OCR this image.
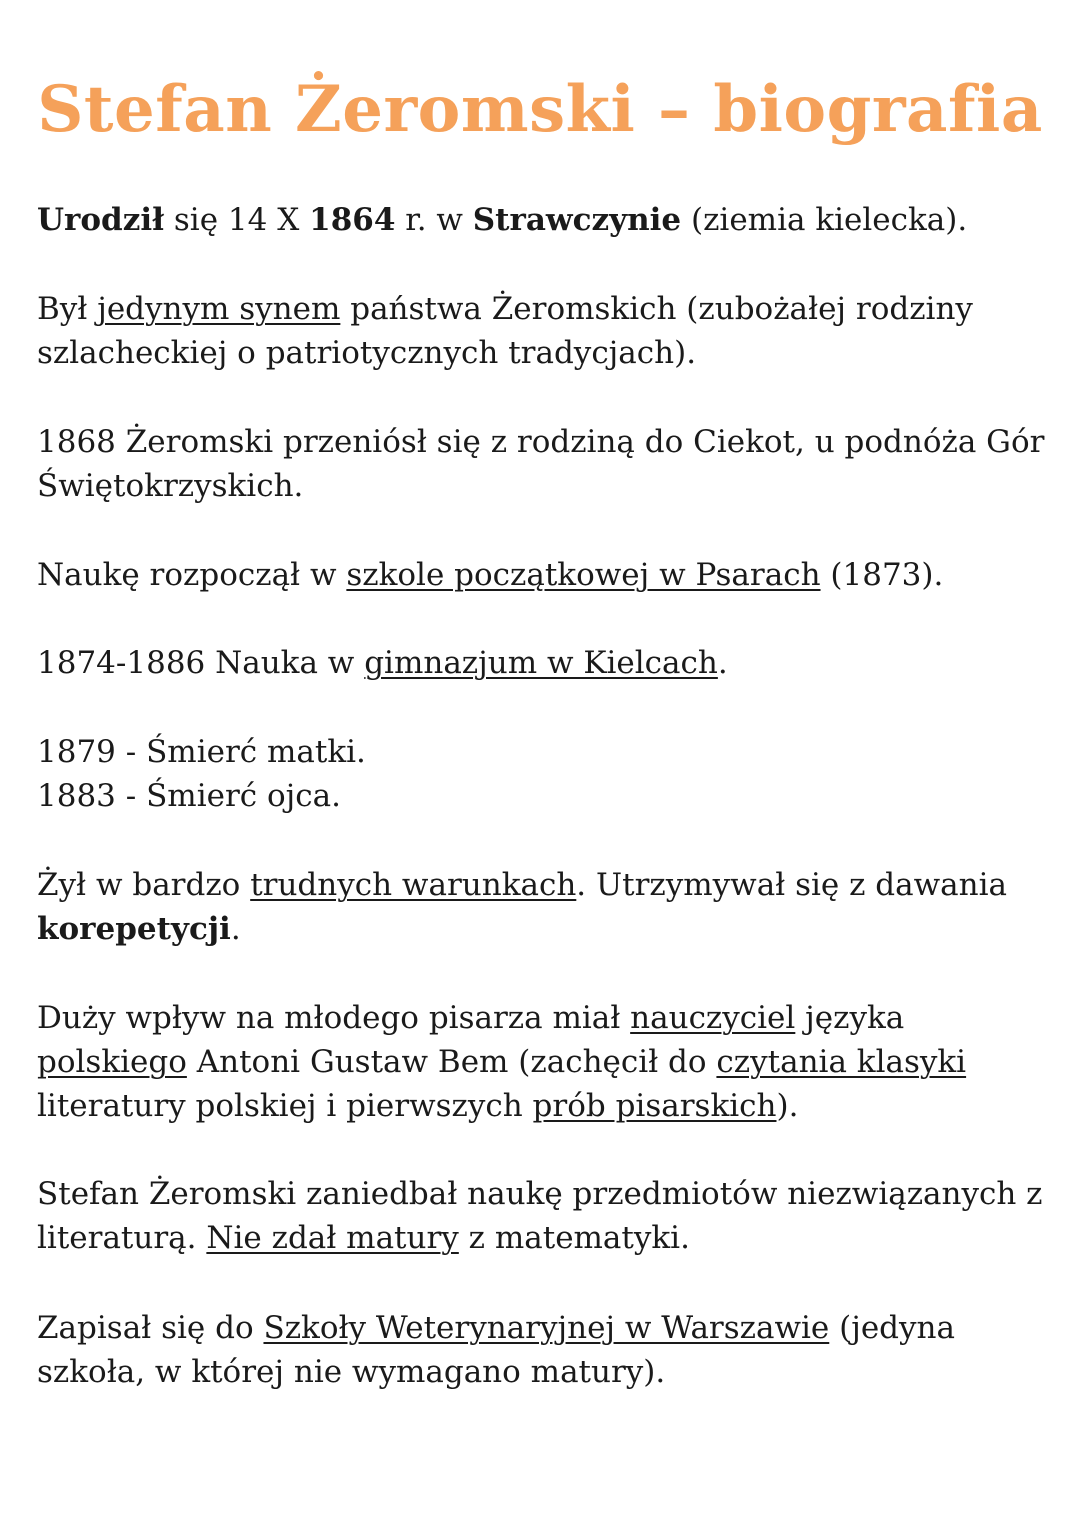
Stefan Żeromski – biografia

Urodził się 14 X 1864 r. w Strawczynie (ziemia kielecka).

Był jedynym synem państwa Żeromskich (zubożałej rodziny szlacheckiej o patriotycznych tradycjach).

1868 Żeromski przeniósł się z rodziną do Ciekot, u podnóża Gór Świętokrzyskich.

Naukę rozpoczął w szkole początkowej w Psarach (1873).

1874-1886 Nauka w gimnazjum w Kielcach.

1879 - Śmierć matki.
1883 - Śmierć ojca.

Żył w bardzo trudnych warunkach. Utrzymywał się z dawania korepetycji.

Duży wpływ na młodego pisarza miał nauczyciel języka polskiego Antoni Gustaw Bem (zachęcił do czytania klasyki literatury polskiej i pierwszych prób pisarskich).

Stefan Żeromski zaniedbał naukę przedmiotów niezwiązanych z literaturą. Nie zdał matury z matematyki.

Zapisał się do Szkoły Weterynaryjnej w Warszawie (jedyna szkoła, w której nie wymagano matury).
